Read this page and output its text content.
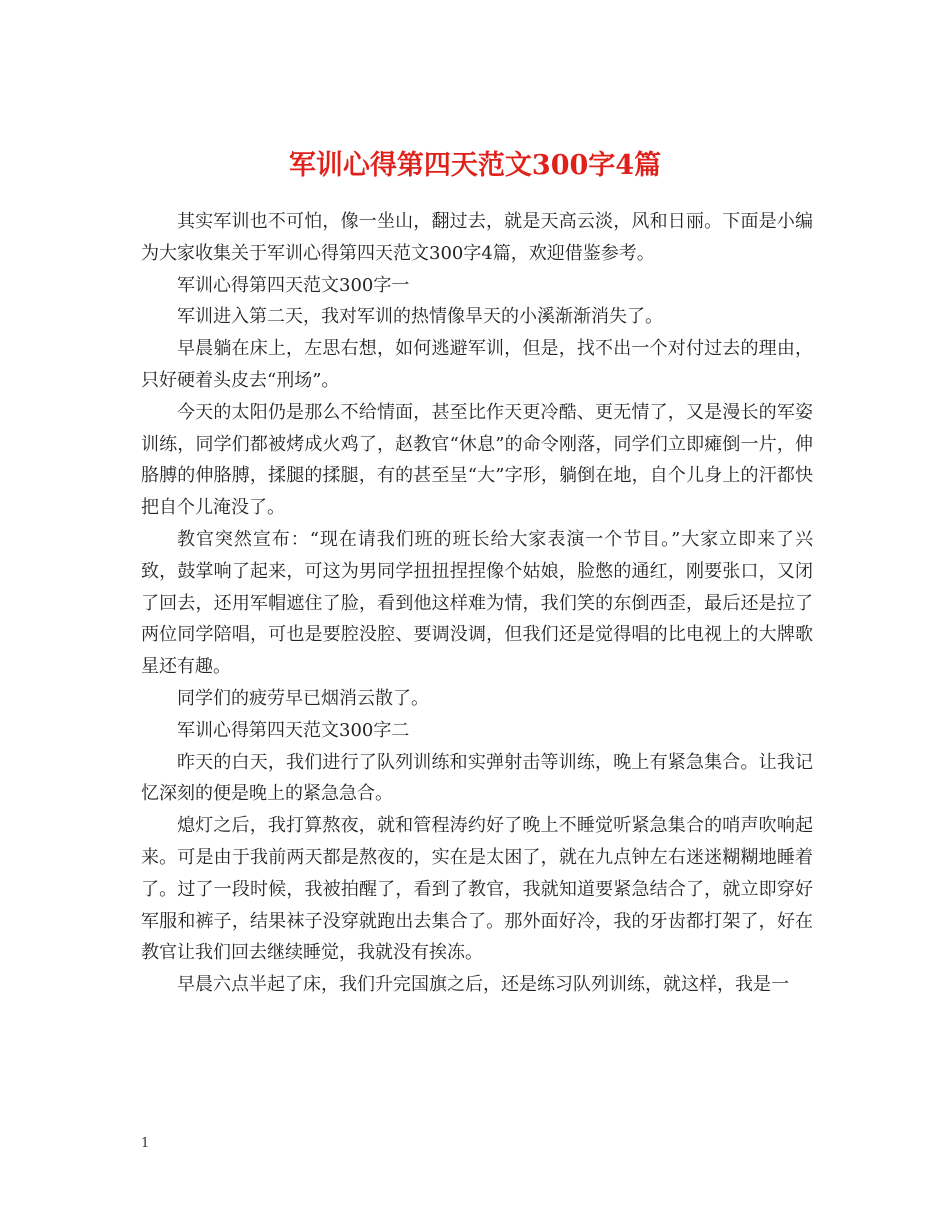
军训心得第四天范文300字4篇

其实军训也不可怕，像一坐山，翻过去，就是天高云淡，风和日丽。下面是小编为大家收集关于军训心得第四天范文300字4篇，欢迎借鉴参考。

军训心得第四天范文300字一

军训进入第二天，我对军训的热情像旱天的小溪渐渐消失了。

早晨躺在床上，左思右想，如何逃避军训，但是，找不出一个对付过去的理由，只好硬着头皮去“刑场”。

今天的太阳仍是那么不给情面，甚至比作天更冷酷、更无情了，又是漫长的军姿训练，同学们都被烤成火鸡了，赵教官“休息”的命令刚落，同学们立即瘫倒一片，伸胳膊的伸胳膊，揉腿的揉腿，有的甚至呈“大”字形，躺倒在地，自个儿身上的汗都快把自个儿淹没了。

教官突然宣布：“现在请我们班的班长给大家表演一个节目。”大家立即来了兴致，鼓掌响了起来，可这为男同学扭扭捏捏像个姑娘，脸憋的通红，刚要张口，又闭了回去，还用军帽遮住了脸，看到他这样难为情，我们笑的东倒西歪，最后还是拉了两位同学陪唱，可也是要腔没腔、要调没调，但我们还是觉得唱的比电视上的大牌歌星还有趣。

同学们的疲劳早已烟消云散了。

军训心得第四天范文300字二

昨天的白天，我们进行了队列训练和实弹射击等训练，晚上有紧急集合。让我记忆深刻的便是晚上的紧急急合。

熄灯之后，我打算熬夜，就和管程涛约好了晚上不睡觉听紧急集合的哨声吹响起来。可是由于我前两天都是熬夜的，实在是太困了，就在九点钟左右迷迷糊糊地睡着了。过了一段时候，我被拍醒了，看到了教官，我就知道要紧急结合了，就立即穿好军服和裤子，结果袜子没穿就跑出去集合了。那外面好冷，我的牙齿都打架了，好在教官让我们回去继续睡觉，我就没有挨冻。

早晨六点半起了床，我们升完国旗之后，还是练习队列训练，就这样，我是一

1
